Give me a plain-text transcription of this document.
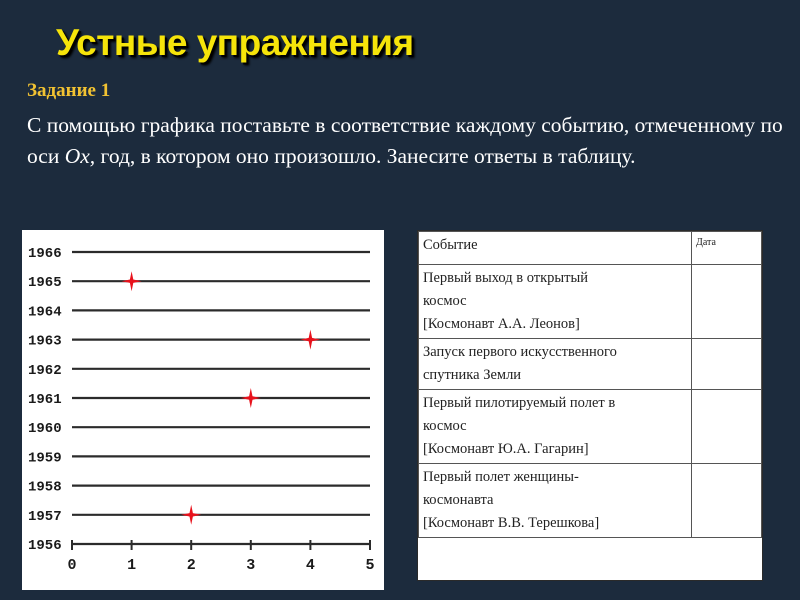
Устные упражнения
Задание 1
С помощью графика поставьте в соответствие каждому событию, отмеченному по оси Ох, год, в котором оно произошло. Занесите ответы в таблицу.
1956
1957
1958
1959
1960
1961
1962
1963
1964
1965
1966
0	1	2	3	4	5
Событие	Дата

Первый выход в открытый
космос
[Космонавт А.А. Леонов]	

Запуск первого искусственного
спутника Земли	

Первый пилотируемый полет в
космос
[Космонавт Ю.А. Гагарин]	

Первый полет женщины-
космонавта
[Космонавт В.В. Терешкова]	
